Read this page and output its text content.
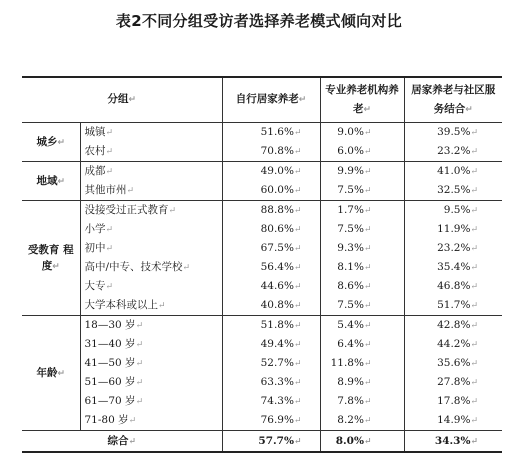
表2不同分组受访者选择养老模式倾向对比
分组↵		自行居家养老↵	专业养老机构养老↵	居家养老与社区服务结合↵
城乡↵	城镇↵	51.6%↵	9.0%↵	39.5%↵
	农村↵	70.8%↵	6.0%↵	23.2%↵
地域↵	成都↵	49.0%↵	9.9%↵	41.0%↵
	其他市州↵	60.0%↵	7.5%↵	32.5%↵
受教育 程度↵	没接受过正式教育↵	88.8%↵	1.7%↵	9.5%↵
	小学↵	80.6%↵	7.5%↵	11.9%↵
	初中↵	67.5%↵	9.3%↵	23.2%↵
	高中/中专、技术学校↵	56.4%↵	8.1%↵	35.4%↵
	大专↵	44.6%↵	8.6%↵	46.8%↵
	大学本科或以上↵	40.8%↵	7.5%↵	51.7%↵
年龄↵	18—30 岁↵	51.8%↵	5.4%↵	42.8%↵
	31—40 岁↵	49.4%↵	6.4%↵	44.2%↵
	41—50 岁↵	52.7%↵	11.8%↵	35.6%↵
	51—60 岁↵	63.3%↵	8.9%↵	27.8%↵
	61—70 岁↵	74.3%↵	7.8%↵	17.8%↵
	71-80 岁↵	76.9%↵	8.2%↵	14.9%↵
综合↵		57.7%↵	8.0%↵	34.3%↵
